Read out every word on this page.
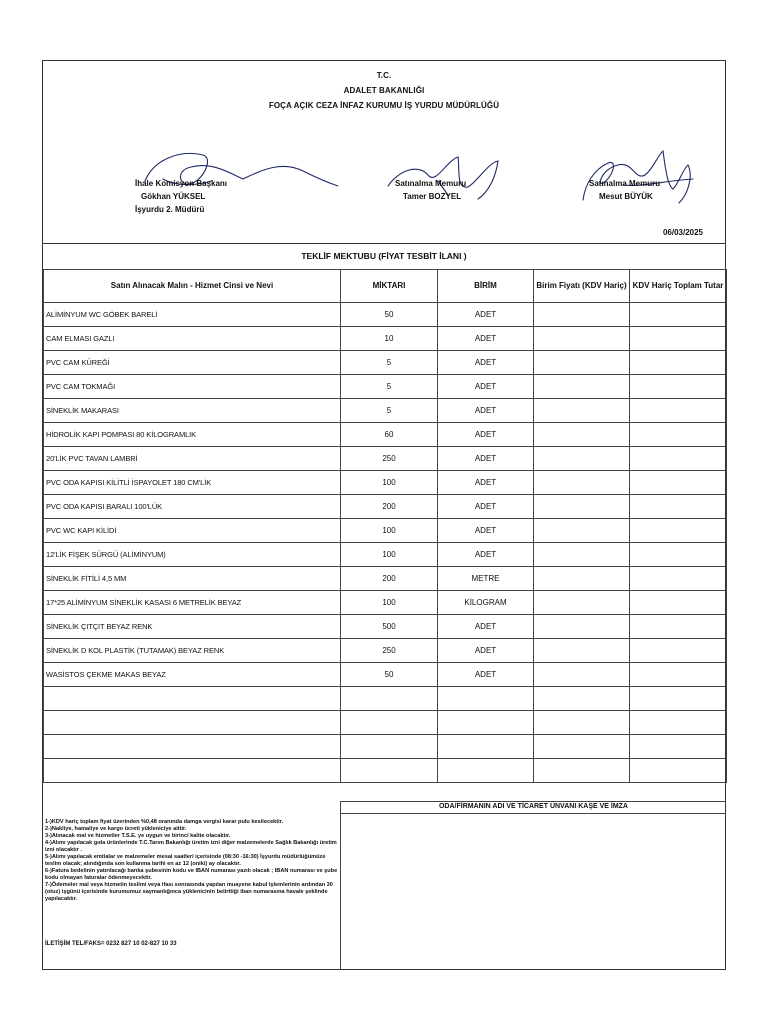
T.C.
ADALET BAKANLIĞI
FOÇA AÇIK CEZA İNFAZ KURUMU İŞ YURDU MÜDÜRLÜĞÜ
İhale Komisyon Başkanı
Gökhan YÜKSEL
İşyurdu 2. Müdürü
Satınalma Memuru
Tamer BOZYEL
Satınalma Memuru
Mesut BÜYÜK
06/03/2025
TEKLİF MEKTUBU (FİYAT TESBİT İLANI )
Satın Alınacak Malın - Hizmet Cinsi ve Nevi	MİKTARI	BİRİM	Birim Fiyatı (KDV Hariç)	KDV Hariç Toplam Tutar
ALİMİNYUM WC GÖBEK BARELİ	50	ADET		
CAM ELMASI GAZLI	10	ADET		
PVC CAM KÜREĞİ	5	ADET		
PVC CAM TOKMAĞI	5	ADET		
SİNEKLİK MAKARASI	5	ADET		
HİDROLİK KAPI POMPASI 80 KİLOGRAMLIK	60	ADET		
20'LİK PVC TAVAN LAMBRİ	250	ADET		
PVC ODA KAPISI KİLİTLİ İSPAYOLET 180 CM'LİK	100	ADET		
PVC ODA KAPISI BARALI 100'LÜK	200	ADET		
PVC WC KAPI KİLİDİ	100	ADET		
12'LİK FİŞEK SÜRGÜ (ALİMİNYUM)	100	ADET		
SİNEKLİK FİTİLİ 4,5 MM	200	METRE		
17*25 ALİMİNYUM SİNEKLİK KASASI 6 METRELİK BEYAZ	100	KİLOGRAM		
SİNEKLİK ÇITÇIT BEYAZ RENK	500	ADET		
SİNEKLİK D KOL PLASTİK (TUTAMAK) BEYAZ RENK	250	ADET		
WASİSTOS ÇEKME MAKAS BEYAZ	50	ADET		

1-)KDV hariç toplam fiyat üzerinden %0,48 oranında damga vergisi karar pulu kesilecektir.
2-)Nakliye, hamaliye ve kargo ücreti yükleniciye aittir.
3-)Alınacak mal ve hizmetler T.S.E. ye uygun ve birinci kalite olacaktır.
4-)Alımı yapılacak gıda ürünlerinde T.C.Tarım Bakanlığı üretim izni diğer malzemelerde Sağlık Bakanlığı üretim izni olacaktır .
5-)Alımı yapılacak emtialar ve malzemeler mesai saatleri içerisinde (08:30 -16:30) İşyurdu müdürlüğümüze teslim olacak; alındığında son kullanma tarihi en az 12 (oniki) ay olacaktır.
6-)Fatura bedelinin yatırılacağı banka şubesinin kodu ve IBAN numarası yazılı olacak ; IBAN numarası ve şube kodu olmayan faturalar ödenmeyecektir.
7-)Ödemeler mal veya hizmetin teslimi veya ifası sonrasında yapılan muayene kabul işlemlerinin ardından 30 (otuz) işgünü içerisinde kurumumuz saymanlığınca yüklenicinin belirttiği iban numarasına havale şeklinde yapılacaktır.
İLETİŞİM TEL/FAKS= 0232 827 10 02-827 10 33
ODA/FİRMANIN ADI VE TİCARET ÜNVANI KAŞE VE İMZA
